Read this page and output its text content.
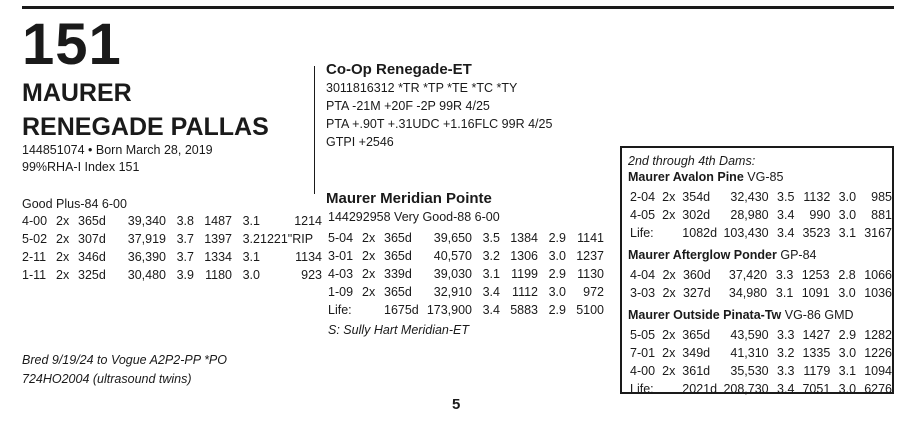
151
MAURER
RENEGADE PALLAS
144851074 • Born March 28, 2019
99%RHA-I Index 151
Good Plus-84 6-00
4-00	2x	365d	39,340	3.8	1487	3.1	1214
5-02	2x	307d	37,919	3.7	1397	3.2	1221"RIP
2-11	2x	346d	36,390	3.7	1334	3.1	1134
1-11	2x	325d	30,480	3.9	1180	3.0	923
Bred 9/19/24 to Vogue A2P2-PP *PO
724HO2004 (ultrasound twins)
Co-Op Renegade-ET
3011816312 *TR *TP *TE *TC *TY
PTA -21M +20F -2P 99R 4/25
PTA +.90T +.31UDC +1.16FLC 99R 4/25
GTPI +2546
Maurer Meridian Pointe
144292958 Very Good-88 6-00
5-04	2x	365d	39,650	3.5	1384	2.9	1141
3-01	2x	365d	40,570	3.2	1306	3.0	1237
4-03	2x	339d	39,030	3.1	1199	2.9	1130
1-09	2x	365d	32,910	3.4	1112	3.0	972
Life:		1675d	173,900	3.4	5883	2.9	5100
S: Sully Hart Meridian-ET
2nd through 4th Dams:
Maurer Avalon Pine VG-85
2-04	2x	354d	32,430	3.5	1132	3.0	985
4-05	2x	302d	28,980	3.4	990	3.0	881
Life:		1082d	103,430	3.4	3523	3.1	3167
Maurer Afterglow Ponder GP-84
4-04	2x	360d	37,420	3.3	1253	2.8	1066
3-03	2x	327d	34,980	3.1	1091	3.0	1036
Maurer Outside Pinata-Tw VG-86 GMD
5-05	2x	365d	43,590	3.3	1427	2.9	1282
7-01	2x	349d	41,310	3.2	1335	3.0	1226
4-00	2x	361d	35,530	3.3	1179	3.1	1094
Life:		2021d	208,730	3.4	7051	3.0	6276
5
